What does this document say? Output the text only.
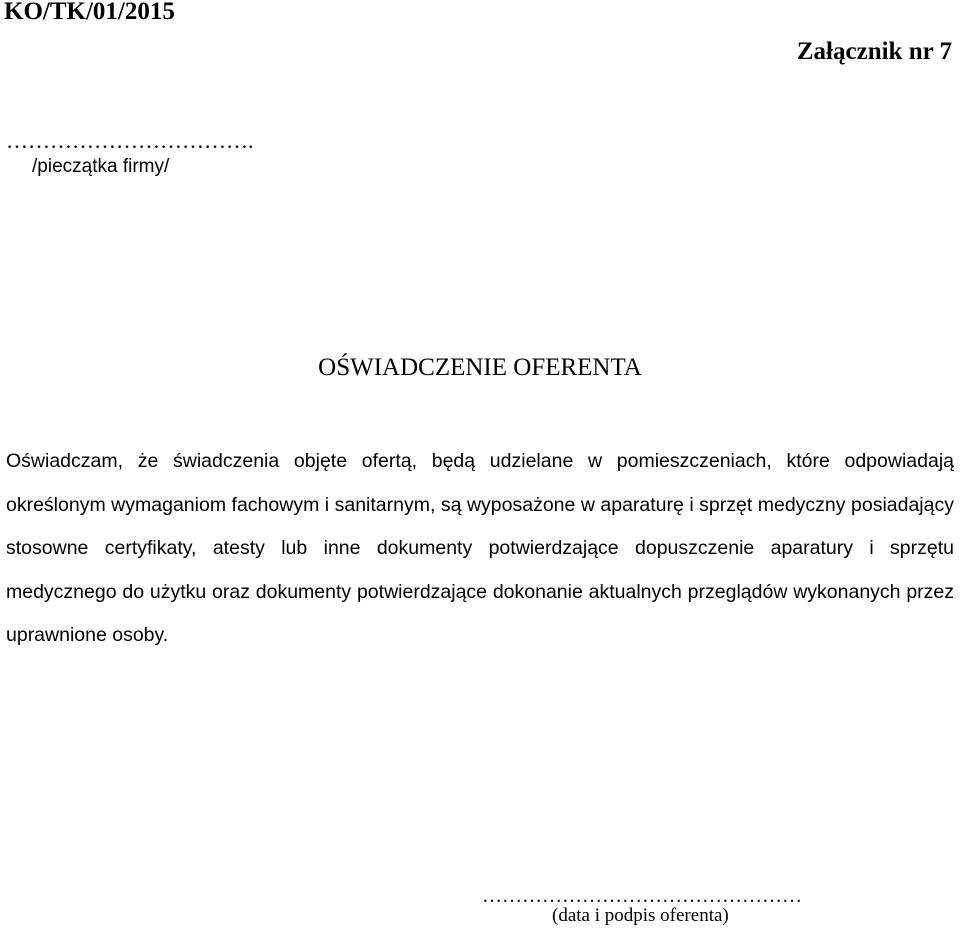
KO/TK/01/2015
Załącznik nr 7
…………………………….
/pieczątka firmy/
OŚWIADCZENIE OFERENTA
Oświadczam, że świadczenia objęte ofertą, będą udzielane w pomieszczeniach, które odpowiadają określonym wymaganiom fachowym i sanitarnym, są wyposażone w aparaturę i sprzęt medyczny posiadający stosowne certyfikaty, atesty lub inne dokumenty potwierdzające dopuszczenie aparatury i sprzętu medycznego do użytku oraz dokumenty potwierdzające dokonanie aktualnych przeglądów wykonanych przez uprawnione osoby.
…………………………………………
(data i podpis oferenta)
